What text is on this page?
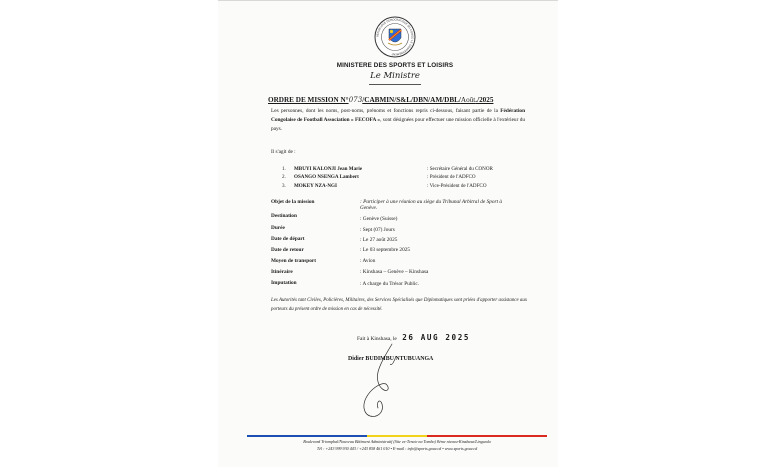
REPUBLIQUE DEMOCRATIQUE DU CONGO LE GOUVERNEMENT
MINISTERE DES SPORTS ET LOISIRS
Le Ministre
ORDRE DE MISSION N°073/CABMIN/S&L/DBN/AM/DBL/Août./2025
Les personnes, dont les noms, post-noms, prénoms et fonctions repris ci-dessous, faisant partie de la Fédération Congolaise de Football Association « FECOFA », sont désignées pour effectuer une mission officielle à l'extérieur du pays.
Il s'agit de :
1. MBUYI KALONJI Jean Marie	: Secrétaire Général du CONOR
2. OSANGO NSENGA Lambert	: Président de l'ADFCO
3. MOKEY NZA-NGI	: Vice-Président de l'ADFCO
Objet de la mission	: Participer à une réunion au siège du Tribunal Arbitral de Sport à Genève.
Destination	: Genève (Suisse)
Durée	: Sept (07) Jours
Date de départ	: Le 27 août 2025
Date de retour	: Le 03 septembre 2025
Moyen de transport	: Avion
Itinéraire	: Kinshasa – Genève – Kinshasa
Imputation	: A charge du Trésor Public.
Les Autorités tant Civiles, Policières, Militaires, des Services Spécialisés que Diplomatiques sont priées d'apporter assistance aux porteurs du présent ordre de mission en cas de nécessité.
Fait à Kinshasa, le 26 AUG 2025
Didier BUDIMBU NTUBUANGA
Boulevard Triomphal/Nouveau Bâtiment Administratif (Site ex-Tenete na Tombo) 8ème niveau-Kinshasa/Lingwala
Tél : +243 999 930 443 / +243 858 461 010 • E-mail : info@sports.gouv.cd • www.sports.gouv.cd
